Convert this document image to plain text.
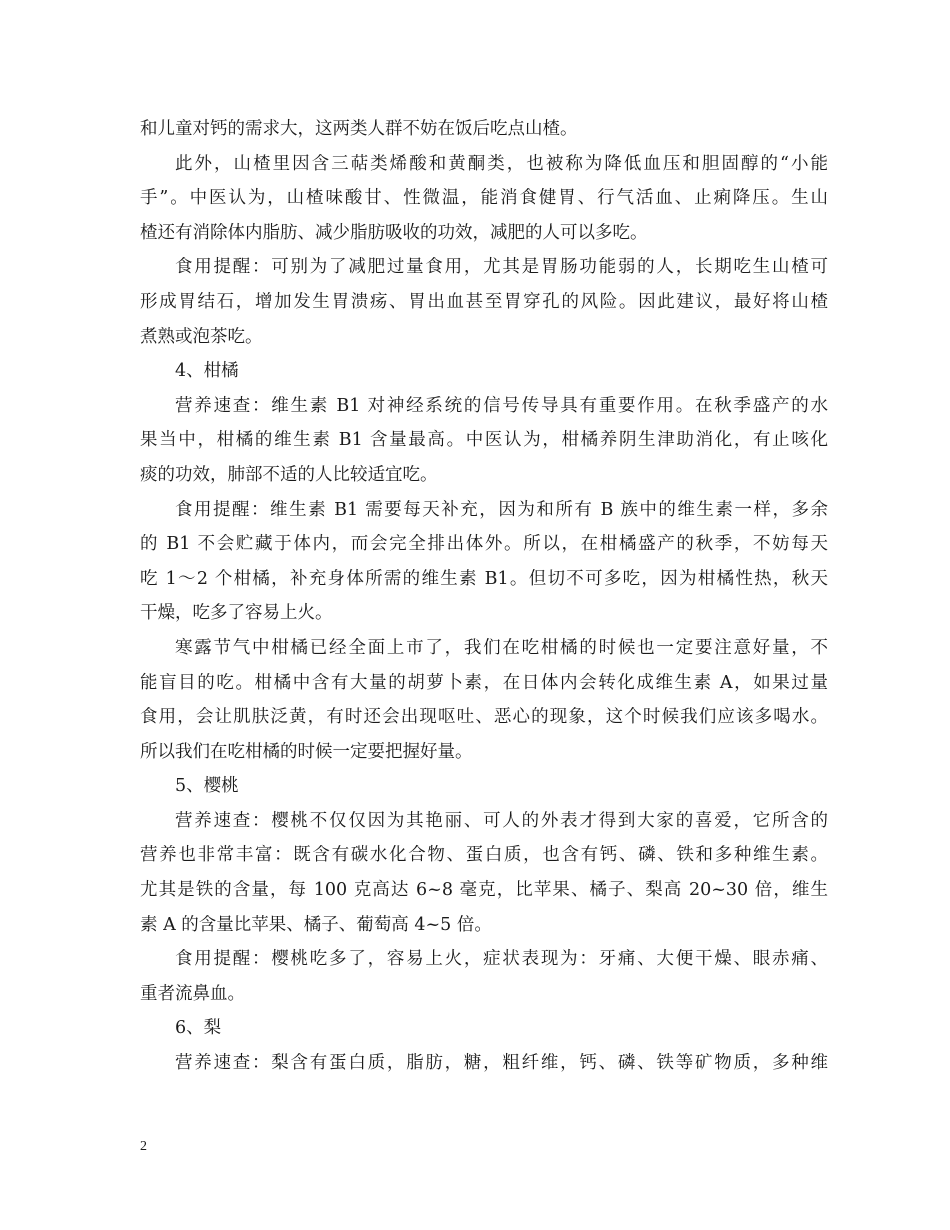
和儿童对钙的需求大，这两类人群不妨在饭后吃点山楂。
此外，山楂里因含三萜类烯酸和黄酮类，也被称为降低血压和胆固醇的“小能
手”。中医认为，山楂味酸甘、性微温，能消食健胃、行气活血、止痢降压。生山
楂还有消除体内脂肪、减少脂肪吸收的功效，减肥的人可以多吃。
食用提醒：可别为了减肥过量食用，尤其是胃肠功能弱的人，长期吃生山楂可
形成胃结石，增加发生胃溃疡、胃出血甚至胃穿孔的风险。因此建议，最好将山楂
煮熟或泡茶吃。
4、柑橘
营养速查：维生素 B1 对神经系统的信号传导具有重要作用。在秋季盛产的水
果当中，柑橘的维生素 B1 含量最高。中医认为，柑橘养阴生津助消化，有止咳化
痰的功效，肺部不适的人比较适宜吃。
食用提醒：维生素 B1 需要每天补充，因为和所有 B 族中的维生素一样，多余
的 B1 不会贮藏于体内，而会完全排出体外。所以，在柑橘盛产的秋季，不妨每天
吃 1～2 个柑橘，补充身体所需的维生素 B1。但切不可多吃，因为柑橘性热，秋天
干燥，吃多了容易上火。
寒露节气中柑橘已经全面上市了，我们在吃柑橘的时候也一定要注意好量，不
能盲目的吃。柑橘中含有大量的胡萝卜素，在日体内会转化成维生素 A，如果过量
食用，会让肌肤泛黄，有时还会出现呕吐、恶心的现象，这个时候我们应该多喝水。
所以我们在吃柑橘的时候一定要把握好量。
5、樱桃
营养速查：樱桃不仅仅因为其艳丽、可人的外表才得到大家的喜爱，它所含的
营养也非常丰富：既含有碳水化合物、蛋白质，也含有钙、磷、铁和多种维生素。
尤其是铁的含量，每 100 克高达 6~8 毫克，比苹果、橘子、梨高 20~30 倍，维生
素 A 的含量比苹果、橘子、葡萄高 4~5 倍。
食用提醒：樱桃吃多了，容易上火，症状表现为：牙痛、大便干燥、眼赤痛、
重者流鼻血。
6、梨
营养速查：梨含有蛋白质，脂肪，糖，粗纤维，钙、磷、铁等矿物质，多种维
2
